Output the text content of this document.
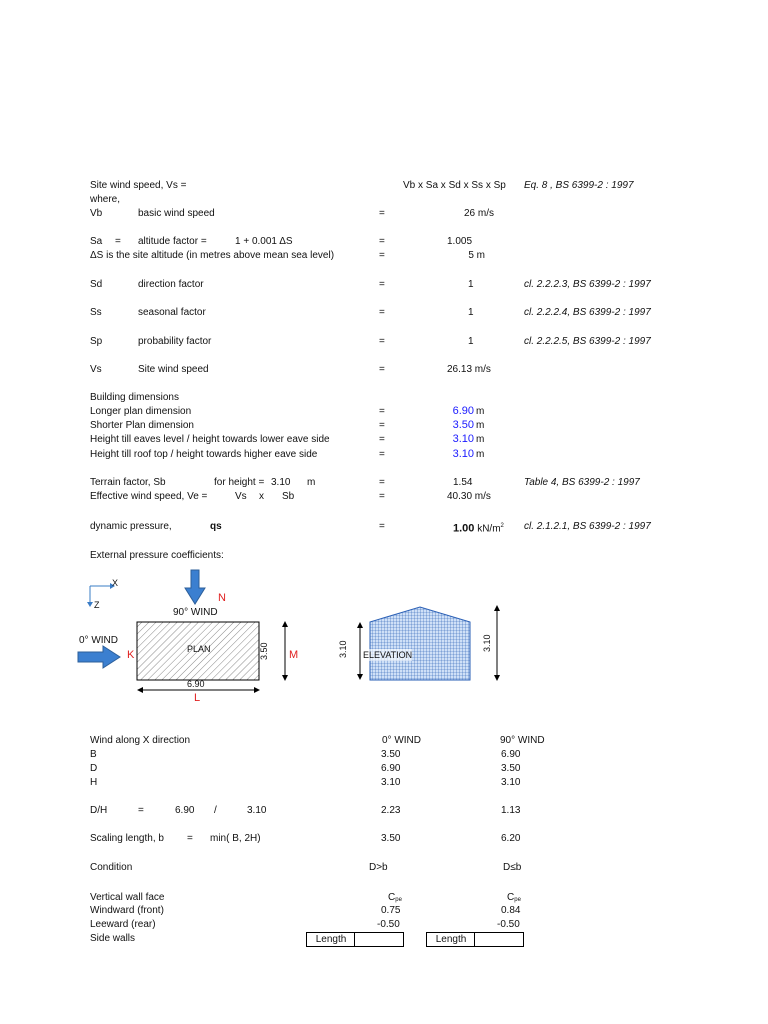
Site wind speed, Vs =	Vb x Sa x Sd x Ss x Sp Eq. 8 , BS 6399-2 : 1997
where,
Vb	basic wind speed	=	26 m/s
Sa = altitude factor =	1 + 0.001 ΔS	=	1.005
ΔS is the site altitude (in metres above mean sea level)	=	5 m
Sd	direction factor	=	1	cl. 2.2.2.3, BS 6399-2 : 1997
Ss	seasonal factor	=	1	cl. 2.2.2.4, BS 6399-2 : 1997
Sp	probability factor	=	1	cl. 2.2.2.5, BS 6399-2 : 1997
Vs	Site wind speed	=	26.13 m/s
Building dimensions
Longer plan dimension	=	6.90 m
Shorter Plan dimension	=	3.50 m
Height till eaves level / height towards lower eave side	=	3.10 m
Height till roof top / height towards higher eave side	=	3.10 m
Terrain factor, Sb	for height = 3.10 m	=	1.54	Table 4, BS 6399-2 : 1997
Effective wind speed, Ve =	Vs x Sb	=	40.30 m/s
dynamic pressure,	qs	=	1.00 $kN/m^2$ cl. 2.1.2.1, BS 6399-2 : 1997
External pressure coefficients:
X
Z
N
90° WIND
0° WIND
K	PLAN	3.50 M
6.90
L
3.10 ELEVATION
3.10
Wind along X direction	0° WIND	90° WIND
B	3.50	6.90
D	6.90	3.50
H	3.10	3.10
D/H	=	6.90 /	3.10	2.23	1.13
Scaling length, b = min( B, 2H)	3.50	6.20
Condition	D>b	D≤b
Vertical wall face	$C_{pe}$	$C_{pe}$
Windward (front)	0.75	0.84
Leeward (rear)	-0.50	-0.50
Side walls	Length	Length
